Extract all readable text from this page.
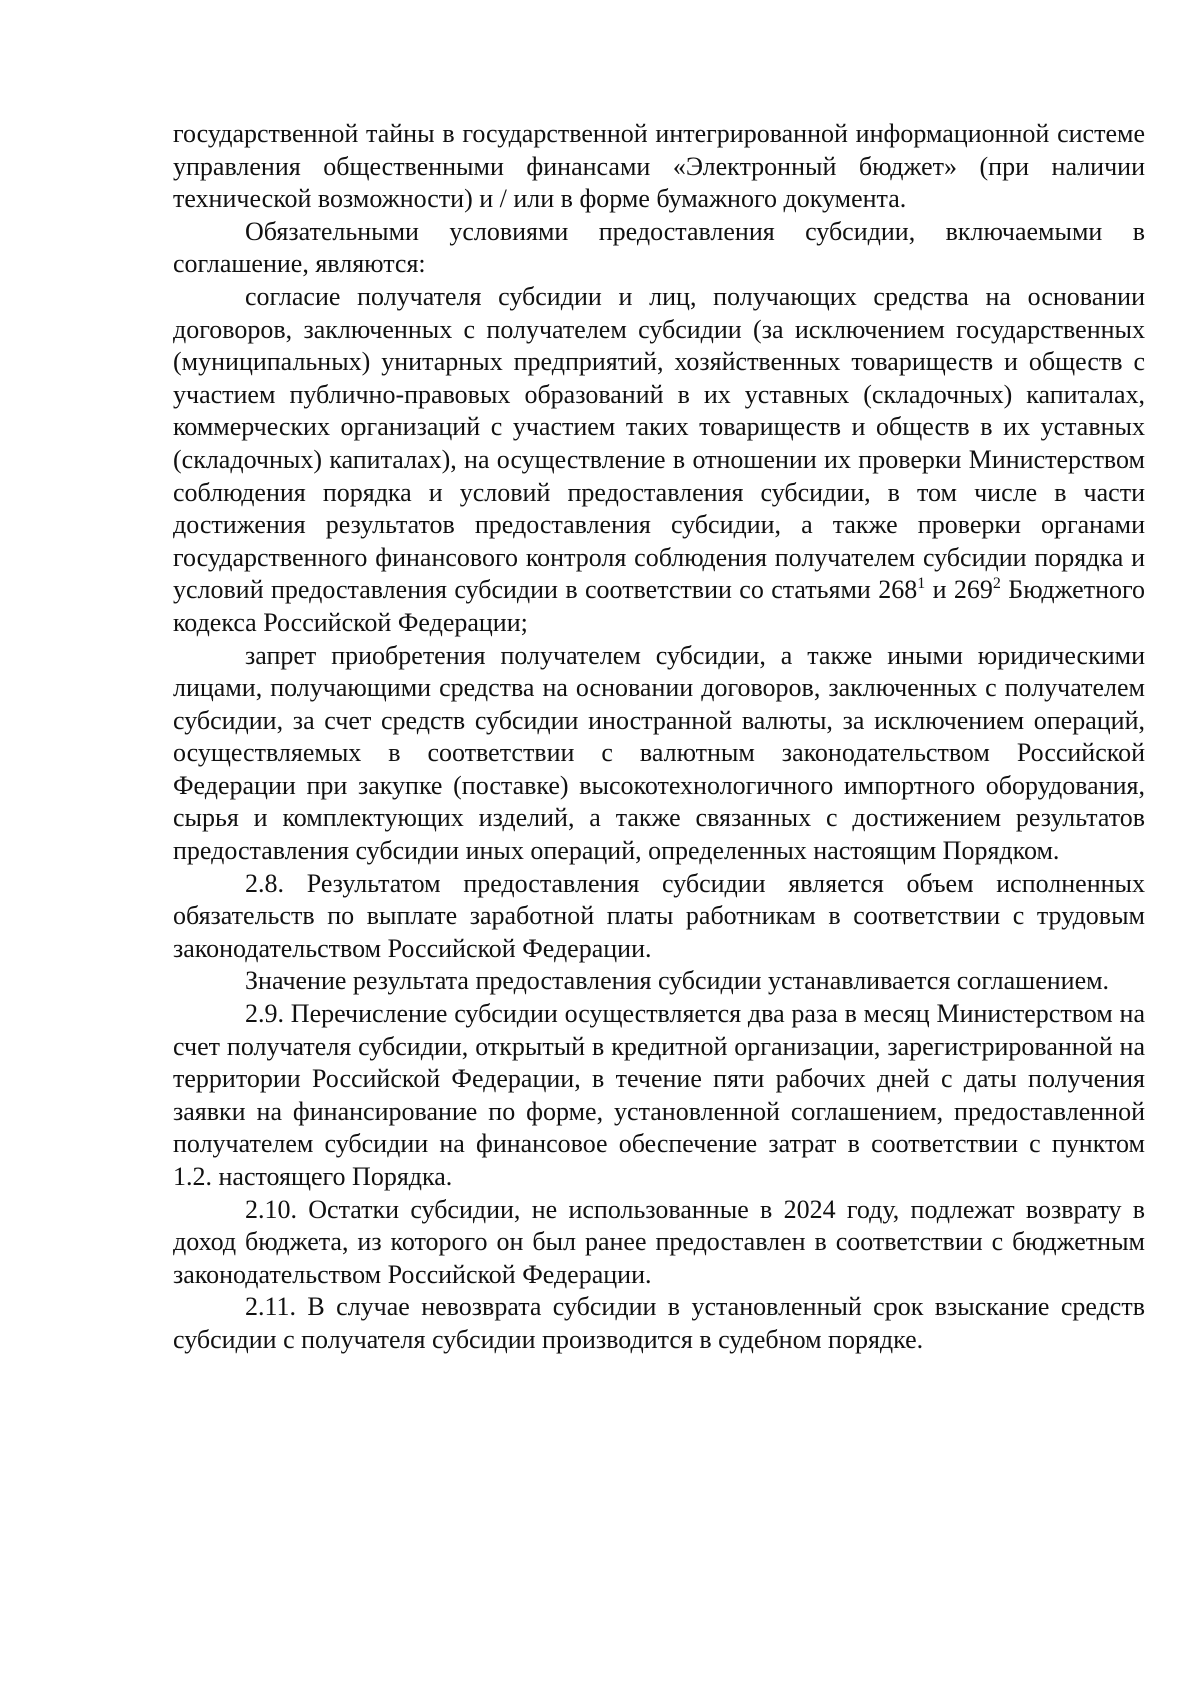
государственной тайны в государственной интегрированной информационной системе управления общественными финансами «Электронный бюджет» (при наличии технической возможности) и / или в форме бумажного документа.

Обязательными условиями предоставления субсидии, включаемыми в соглашение, являются:

согласие получателя субсидии и лиц, получающих средства на основании договоров, заключенных с получателем субсидии (за исключением государственных (муниципальных) унитарных предприятий, хозяйственных товариществ и обществ с участием публично-правовых образований в их уставных (складочных) капиталах, коммерческих организаций с участием таких товариществ и обществ в их уставных (складочных) капиталах), на осуществление в отношении их проверки Министерством соблюдения порядка и условий предоставления субсидии, в том числе в части достижения результатов предоставления субсидии, а также проверки органами государственного финансового контроля соблюдения получателем субсидии порядка и условий предоставления субсидии в соответствии со статьями $268^1$ и $269^2$ Бюджетного кодекса Российской Федерации;

запрет приобретения получателем субсидии, а также иными юридическими лицами, получающими средства на основании договоров, заключенных с получателем субсидии, за счет средств субсидии иностранной валюты, за исключением операций, осуществляемых в соответствии с валютным законодательством Российской Федерации при закупке (поставке) высокотехнологичного импортного оборудования, сырья и комплектующих изделий, а также связанных с достижением результатов предоставления субсидии иных операций, определенных настоящим Порядком.

2.8. Результатом предоставления субсидии является объем исполненных обязательств по выплате заработной платы работникам в соответствии с трудовым законодательством Российской Федерации.

Значение результата предоставления субсидии устанавливается соглашением.

2.9. Перечисление субсидии осуществляется два раза в месяц Министерством на счет получателя субсидии, открытый в кредитной организации, зарегистрированной на территории Российской Федерации, в течение пяти рабочих дней с даты получения заявки на финансирование по форме, установленной соглашением, предоставленной получателем субсидии на финансовое обеспечение затрат в соответствии с пунктом 1.2. настоящего Порядка.

2.10. Остатки субсидии, не использованные в 2024 году, подлежат возврату в доход бюджета, из которого он был ранее предоставлен в соответствии с бюджетным законодательством Российской Федерации.

2.11. В случае невозврата субсидии в установленный срок взыскание средств субсидии с получателя субсидии производится в судебном порядке.
